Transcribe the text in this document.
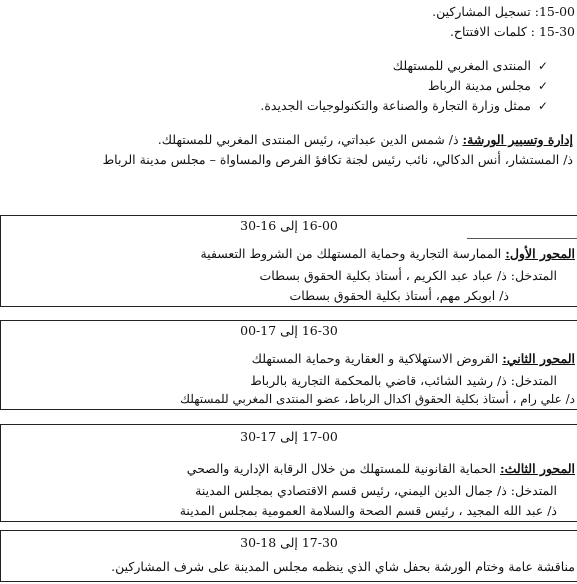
15-00: تسجيل المشاركين.
15-30 : كلمات الافتتاح.
✓المنتدى المغربي للمستهلك
✓مجلس مدينة الرباط
✓ممثل وزارة التجارة والصناعة والتكنولوجيات الجديدة.
إدارة وتسيير الورشة: ذ/ شمس الدين عبداتي، رئيس المنتدى المغربي للمستهلك.
ذ/ المستشار، أنس الدكالي، نائب رئيس لجنة تكافؤ الفرص والمساواة – مجلس مدينة الرباط
16-00 إلى 16-30
المحور الأول: الممارسة التجارية وحماية المستهلك من الشروط التعسفية
المتدخل: ذ/ عباد عبد الكريم ، أستاذ بكلية الحقوق بسطات
ذ/ ابوبكر مهم، أستاذ بكلية الحقوق بسطات
16-30 إلى 17-00
المحور الثاني: القروض الاستهلاكية و العقارية وحماية المستهلك
المتدخل: ذ/ رشيد الشائب، قاضي بالمحكمة التجارية بالرباط
د/ علي رام ، أستاذ بكلية الحقوق اكدال الرباط، عضو المنتدى المغربي للمستهلك
17-00 إلى 17-30
المحور الثالث: الحماية القانونية للمستهلك من خلال الرقابة الإدارية والصحي
المتدخل: ذ/ جمال الدين اليمني، رئيس قسم الاقتصادي بمجلس المدينة
ذ/ عبد الله المجيد ، رئيس قسم الصحة والسلامة العمومية بمجلس المدينة
17-30 إلى 18-30
مناقشة عامة وختام الورشة بحفل شاي الذي ينظمه مجلس المدينة على شرف المشاركين.
